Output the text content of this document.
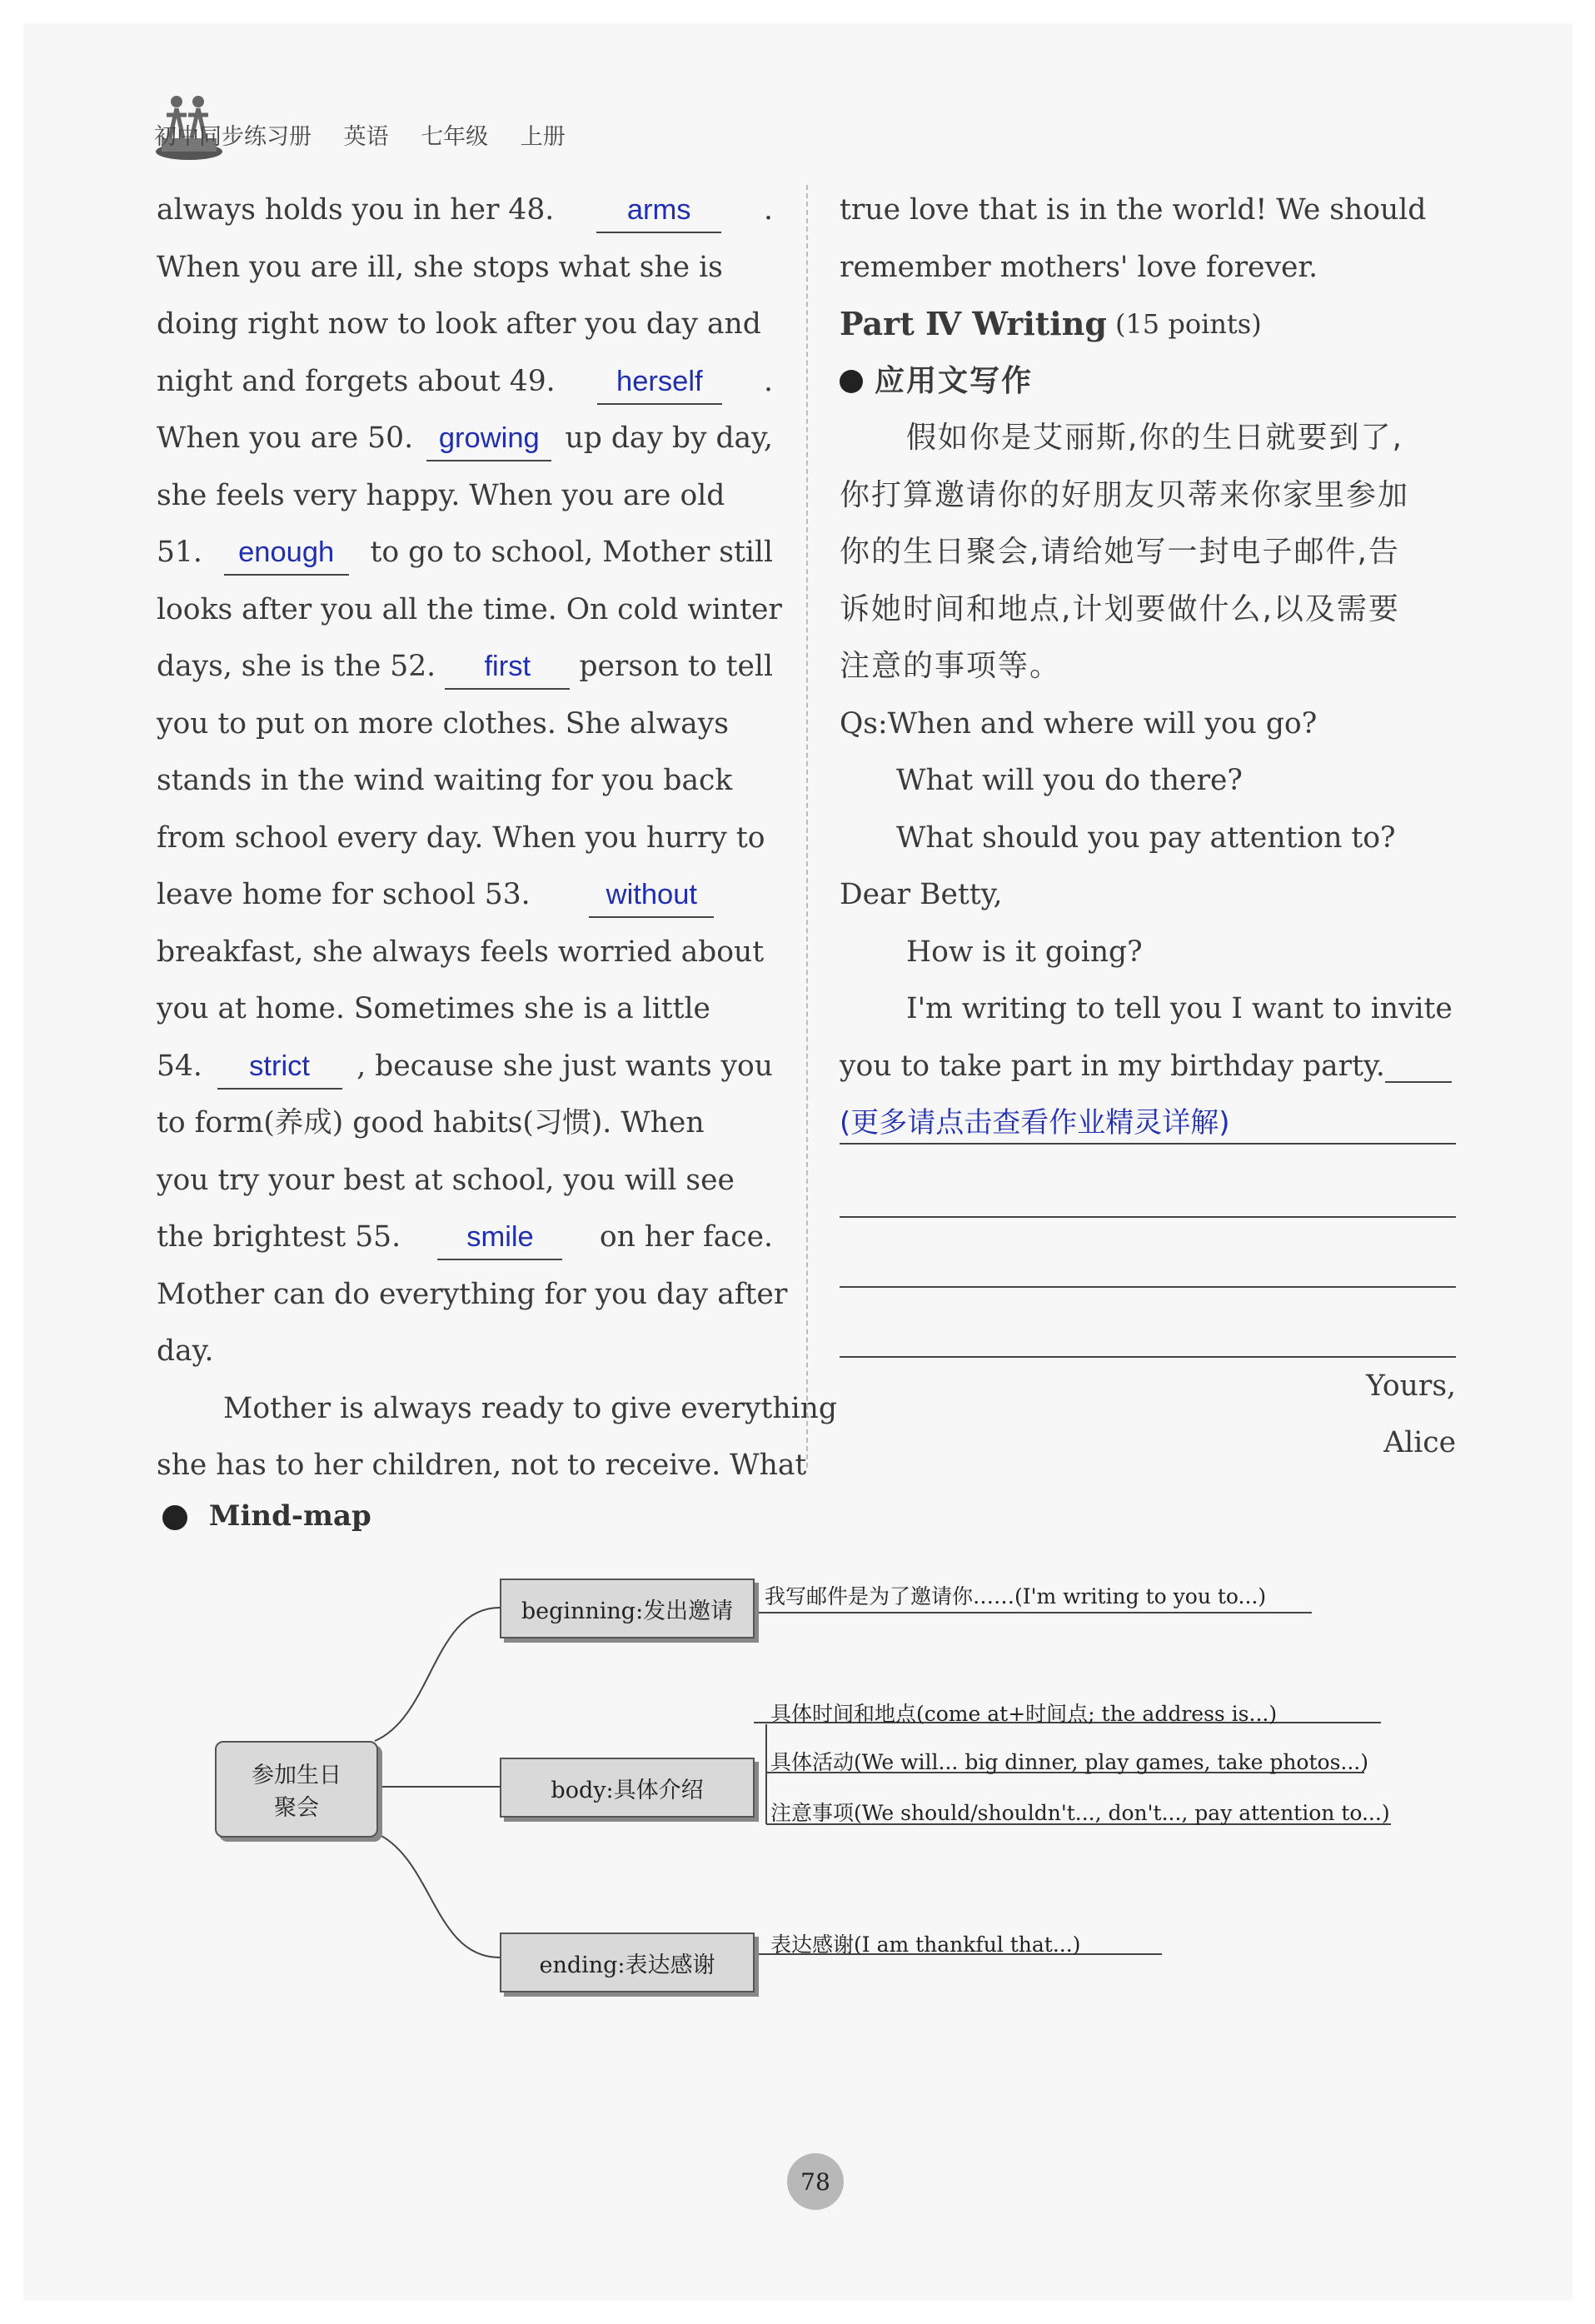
初中同步练习册 英语 七年级 上册
always holds you in her 48.	arms	.
When you are ill, she stops what she is
doing right now to look after you day and
night and forgets about 49.	herself	.
When you are 50. growing up day by day,
she feels very happy. When you are old
51.	enough	to go to school, Mother still
looks after you all the time. On cold winter
days, she is the 52.	first	person to tell
you to put on more clothes. She always
stands in the wind waiting for you back
from school every day. When you hurry to
leave home for school 53.	without
breakfast, she always feels worried about
you at home. Sometimes she is a little
54.	strict	, because she just wants you
to form(养成) good habits(习惯). When
you try your best at school, you will see
the brightest 55.	smile	on her face.
Mother can do everything for you day after
day.
Mother is always ready to give everything
she has to her children, not to receive. What
true love that is in the world! We should
remember mothers' love forever.
Part Ⅳ Writing (15 points)
应用文写作
假如你是艾丽斯,你的生日就要到了,
你打算邀请你的好朋友贝蒂来你家里参加
你的生日聚会,请给她写一封电子邮件,告
诉她时间和地点,计划要做什么,以及需要
注意的事项等。
Qs: When and where will you go?
What will you do there?
What should you pay attention to?
Dear Betty,
How is it going?
I'm writing to tell you I want to invite
you to take part in my birthday party.
(更多请点击查看作业精灵详解)
Yours,
Alice
Mind-map
参加生日
聚会
beginning:发出邀请
body:具体介绍
ending:表达感谢
我写邮件是为了邀请你……(I'm writing to you to...)
具体时间和地点(come at+时间点; the address is...)
具体活动(We will... big dinner, play games, take photos...)
注意事项(We should/shouldn't..., don't..., pay attention to...)
表达感谢(I am thankful that...)
78
